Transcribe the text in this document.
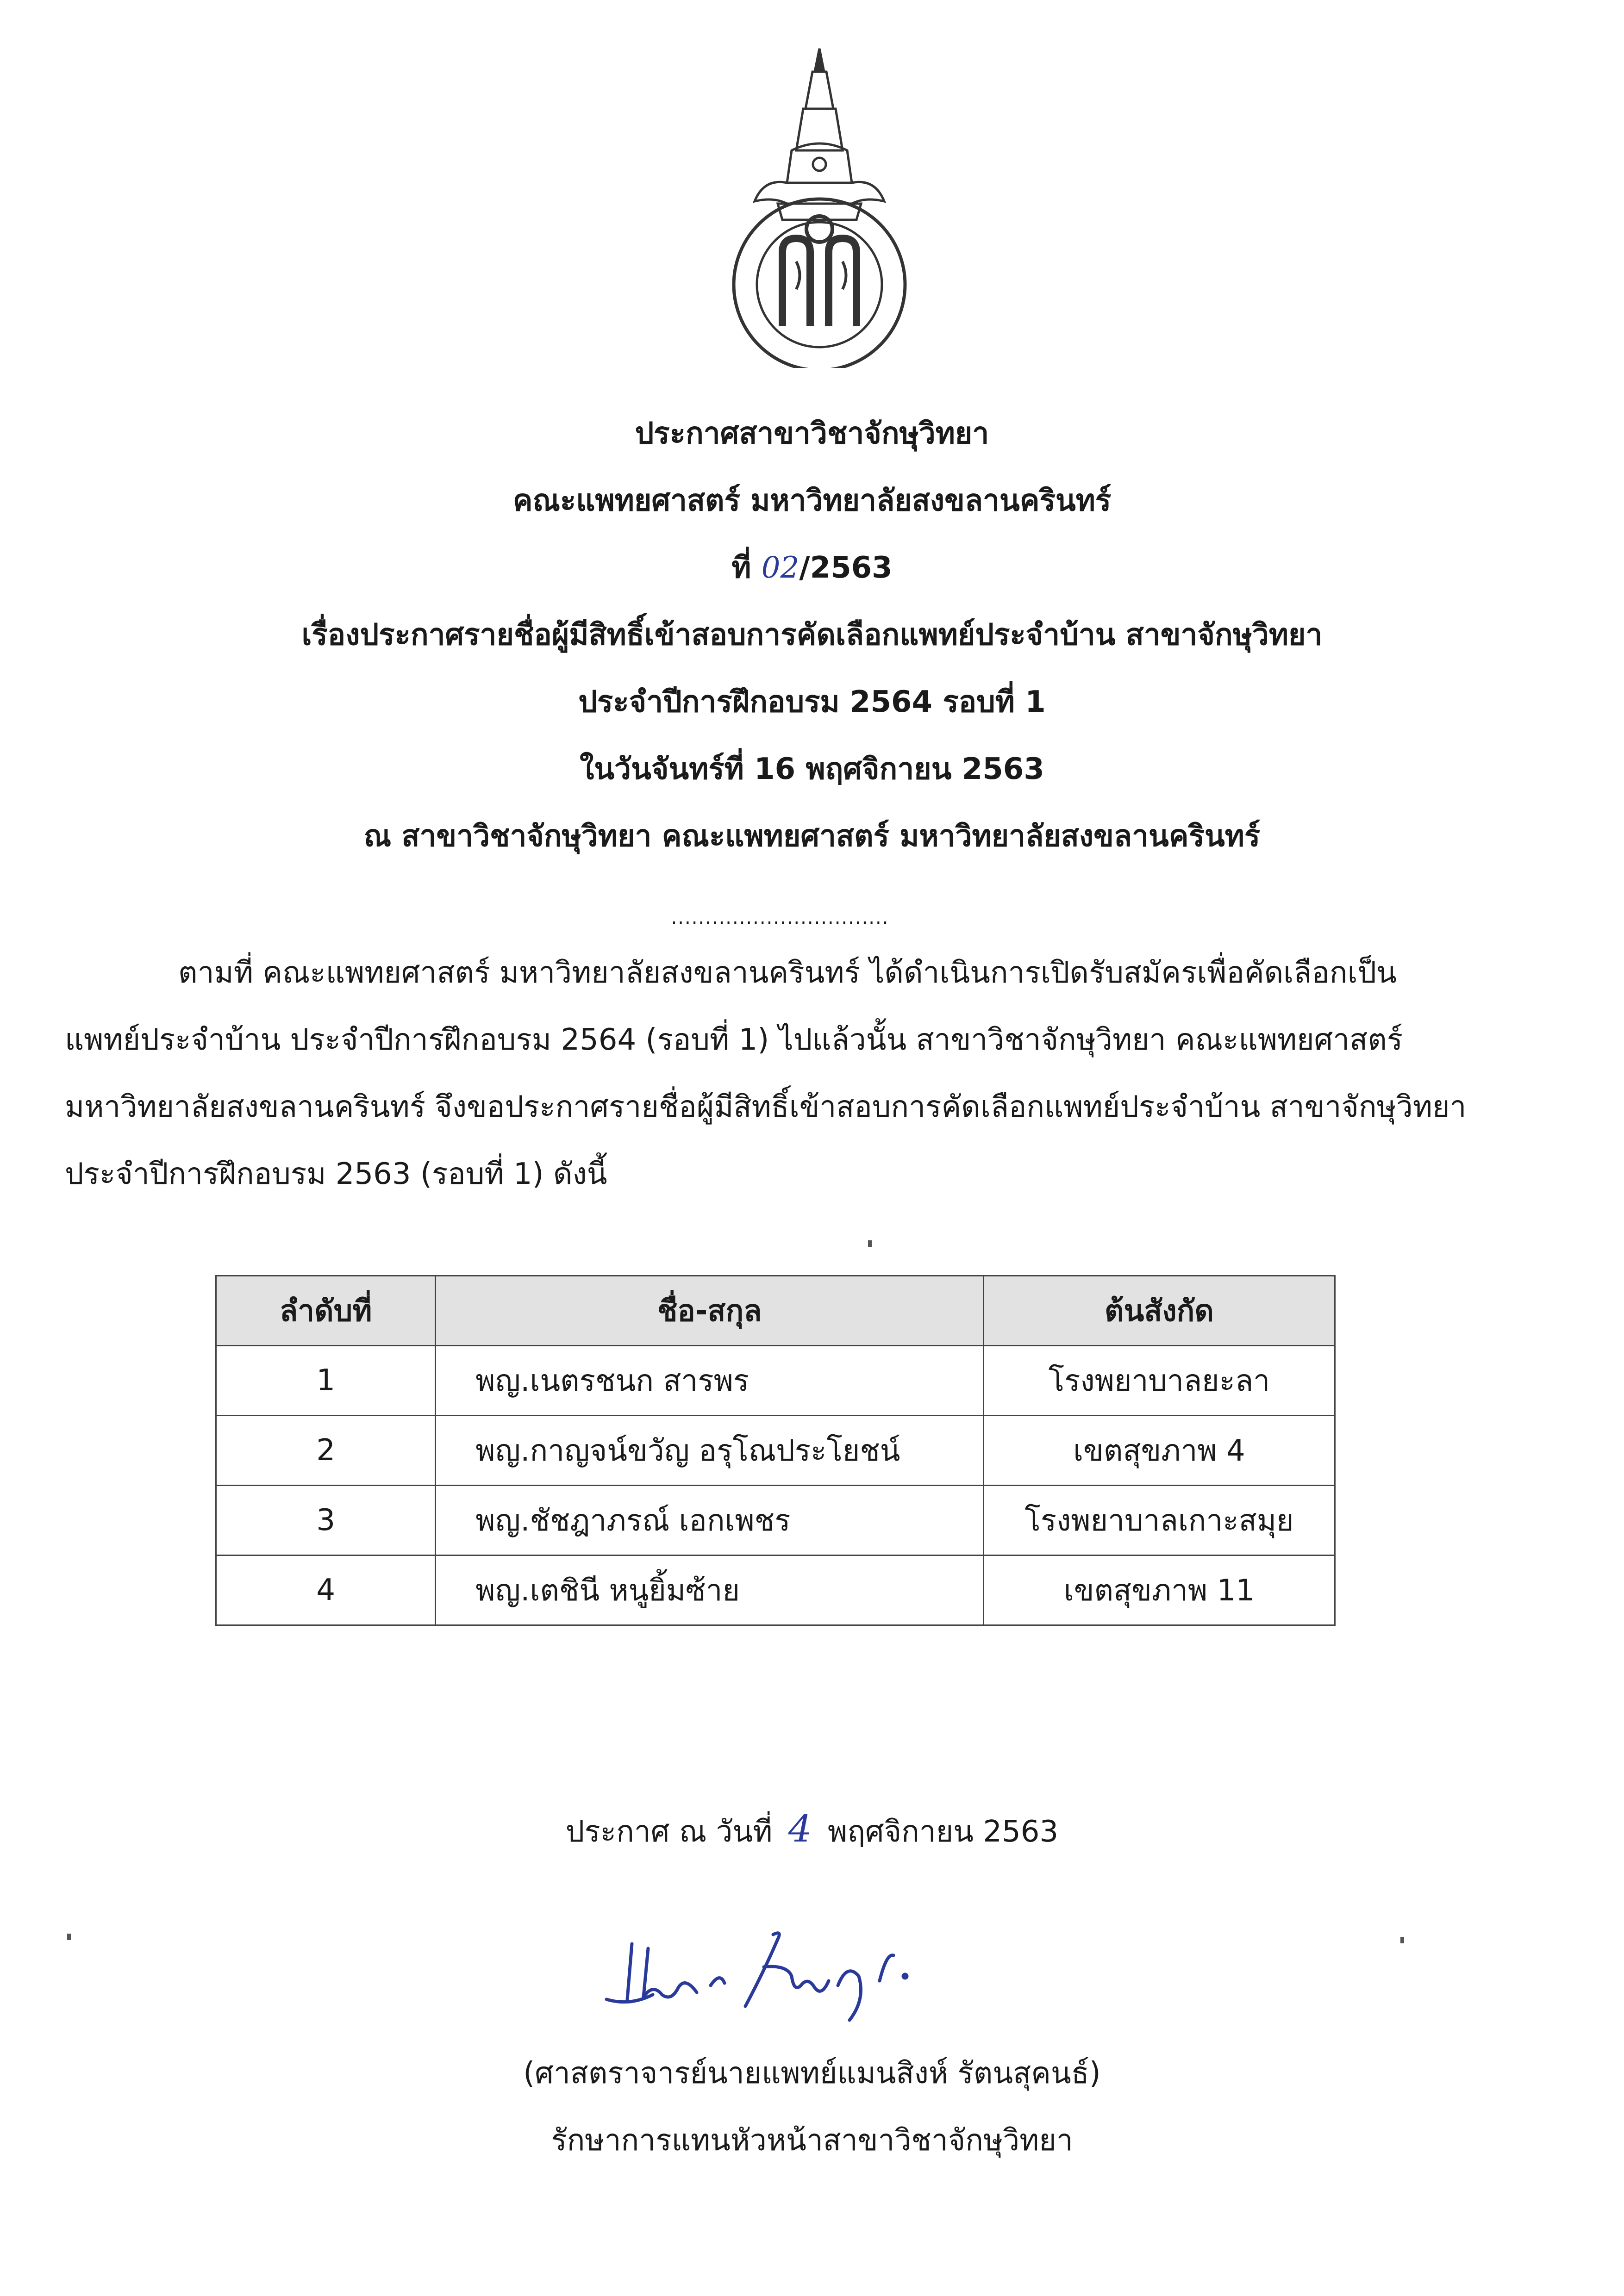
ประกาศสาขาวิชาจักษุวิทยา
คณะแพทยศาสตร์ มหาวิทยาลัยสงขลานครินทร์
ที่ 02/2563
เรื่องประกาศรายชื่อผู้มีสิทธิ์เข้าสอบการคัดเลือกแพทย์ประจำบ้าน สาขาจักษุวิทยา
ประจำปีการฝึกอบรม 2564 รอบที่ 1
ในวันจันทร์ที่ 16 พฤศจิกายน 2563
ณ สาขาวิชาจักษุวิทยา คณะแพทยศาสตร์ มหาวิทยาลัยสงขลานครินทร์
................................
ตามที่ คณะแพทยศาสตร์ มหาวิทยาลัยสงขลานครินทร์ ได้ดำเนินการเปิดรับสมัครเพื่อคัดเลือกเป็น
แพทย์ประจำบ้าน ประจำปีการฝึกอบรม 2564 (รอบที่ 1) ไปแล้วนั้น สาขาวิชาจักษุวิทยา คณะแพทยศาสตร์
มหาวิทยาลัยสงขลานครินทร์ จึงขอประกาศรายชื่อผู้มีสิทธิ์เข้าสอบการคัดเลือกแพทย์ประจำบ้าน สาขาจักษุวิทยา
ประจำปีการฝึกอบรม 2563 (รอบที่ 1) ดังนี้
ลำดับที่	ชื่อ-สกุล	ต้นสังกัด
1	พญ.เนตรชนก สารพร	โรงพยาบาลยะลา
2	พญ.กาญจน์ขวัญ อรุโณประโยชน์	เขตสุขภาพ 4
3	พญ.ชัชฎาภรณ์ เอกเพชร	โรงพยาบาลเกาะสมุย
4	พญ.เตชินี หนูยิ้มซ้าย	เขตสุขภาพ 11
ประกาศ ณ วันที่ 4 พฤศจิกายน 2563
(ศาสตราจารย์นายแพทย์แมนสิงห์ รัตนสุคนธ์)
รักษาการแทนหัวหน้าสาขาวิชาจักษุวิทยา
